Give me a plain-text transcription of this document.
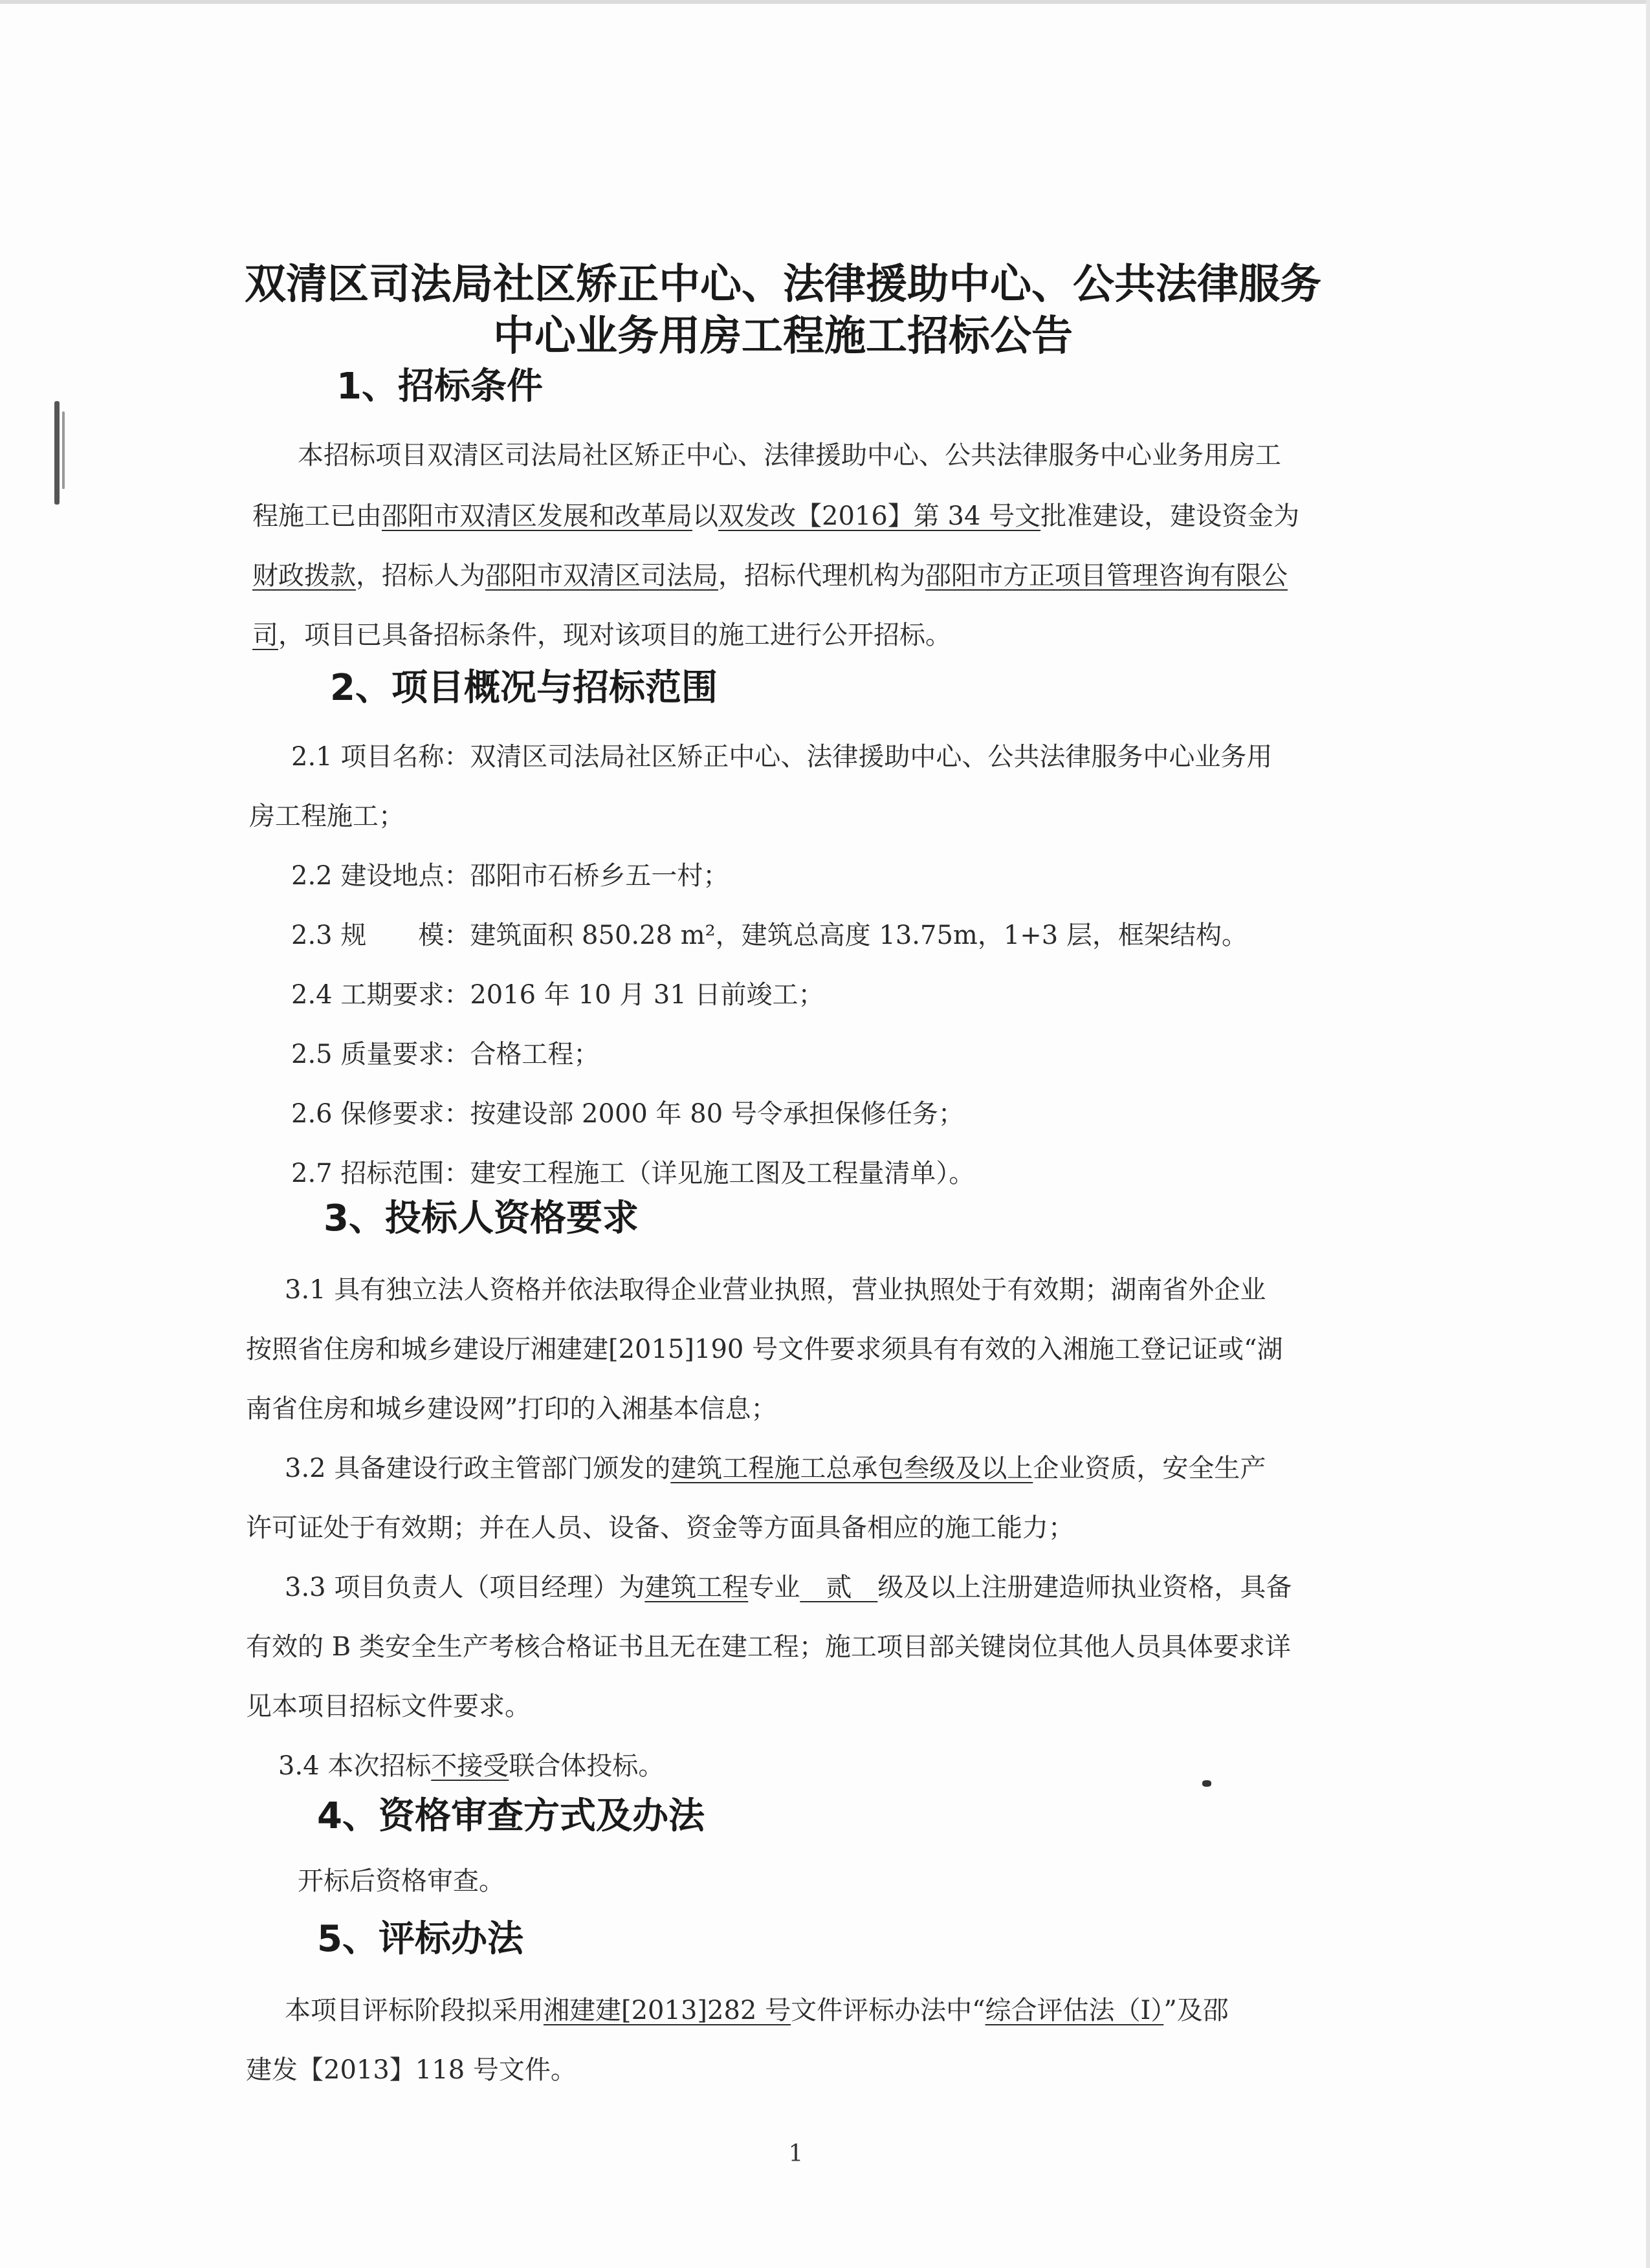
双清区司法局社区矫正中心、法律援助中心、公共法律服务
中心业务用房工程施工招标公告
1、招标条件
本招标项目双清区司法局社区矫正中心、法律援助中心、公共法律服务中心业务用房工
程施工已由邵阳市双清区发展和改革局以双发改【2016】第 34 号文批准建设，建设资金为
财政拨款，招标人为邵阳市双清区司法局，招标代理机构为邵阳市方正项目管理咨询有限公
司，项目已具备招标条件，现对该项目的施工进行公开招标。
2、项目概况与招标范围
2.1 项目名称：双清区司法局社区矫正中心、法律援助中心、公共法律服务中心业务用
房工程施工；
2.2 建设地点：邵阳市石桥乡五一村；
2.3 规　　模：建筑面积 850.28 m²，建筑总高度 13.75m，1+3 层，框架结构。
2.4 工期要求：2016 年 10 月 31 日前竣工；
2.5 质量要求：合格工程；
2.6 保修要求：按建设部 2000 年 80 号令承担保修任务；
2.7 招标范围：建安工程施工（详见施工图及工程量清单）。
3、投标人资格要求
3.1 具有独立法人资格并依法取得企业营业执照，营业执照处于有效期；湖南省外企业
按照省住房和城乡建设厅湘建建[2015]190 号文件要求须具有有效的入湘施工登记证或“湖
南省住房和城乡建设网”打印的入湘基本信息；
3.2 具备建设行政主管部门颁发的建筑工程施工总承包叁级及以上企业资质，安全生产
许可证处于有效期；并在人员、设备、资金等方面具备相应的施工能力；
3.3 项目负责人（项目经理）为建筑工程专业　贰　级及以上注册建造师执业资格，具备
有效的 B 类安全生产考核合格证书且无在建工程；施工项目部关键岗位其他人员具体要求详
见本项目招标文件要求。
3.4 本次招标不接受联合体投标。
4、资格审查方式及办法
开标后资格审查。
5、评标办法
本项目评标阶段拟采用湘建建[2013]282 号文件评标办法中“综合评估法（Ⅰ）”及邵
建发【2013】118 号文件。
1
